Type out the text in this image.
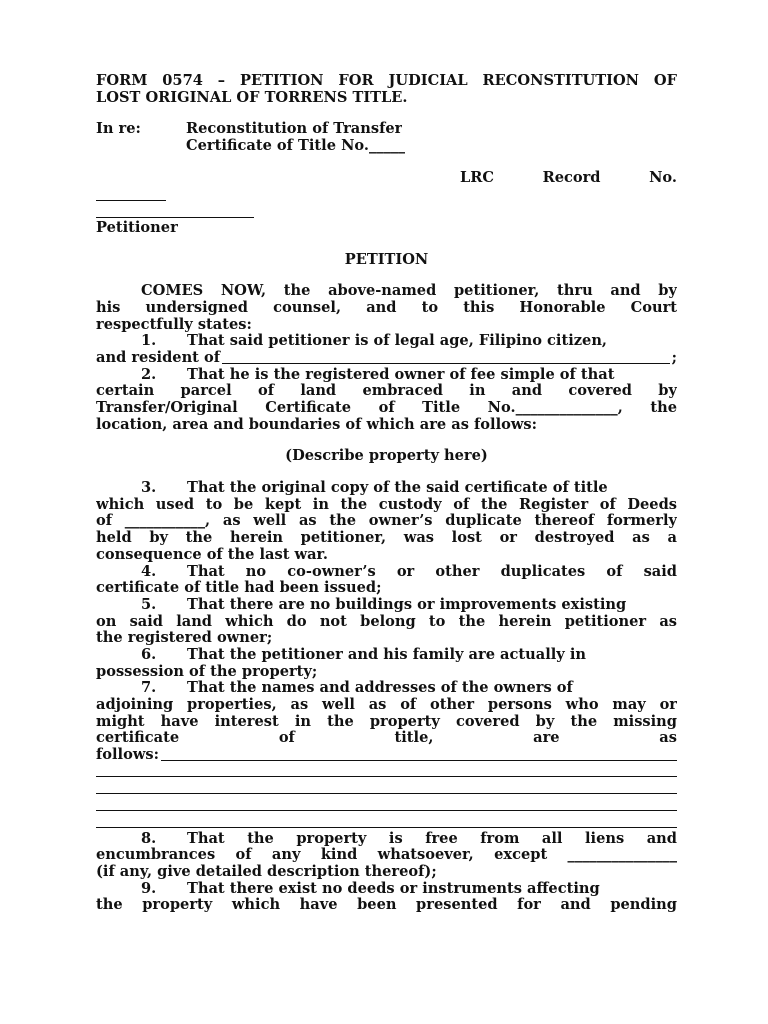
FORM 0574 – PETITION FOR JUDICIAL RECONSTITUTION OF
LOST ORIGINAL OF TORRENS TITLE.
In re:	Reconstitution of Transfer
Certificate of Title No._____
LRC	Record	No.
Petitioner
PETITION
COMES NOW, the above-named petitioner, thru and by
his undersigned counsel, and to this Honorable Court
respectfully states:
1. That said petitioner is of legal age, Filipino citizen,
and resident of	;
2. That he is the registered owner of fee simple of that
certain parcel of land embraced in and covered by
Transfer/Original Certificate of Title No.______________, the
location, area and boundaries of which are as follows:
(Describe property here)
3. That the original copy of the said certificate of title
which used to be kept in the custody of the Register of Deeds
of ___________, as well as the owner’s duplicate thereof formerly
held by the herein petitioner, was lost or destroyed as a
consequence of the last war.
4. That no co-owner’s or other duplicates of said
certificate of title had been issued;
5. That there are no buildings or improvements existing
on said land which do not belong to the herein petitioner as
the registered owner;
6. That the petitioner and his family are actually in
possession of the property;
7. That the names and addresses of the owners of
adjoining properties, as well as of other persons who may or
might have interest in the property covered by the missing
certificate	of	title,	are	as
follows:
8. That the property is free from all liens and
encumbrances of any kind whatsoever, except _______________
(if any, give detailed description thereof);
9. That there exist no deeds or instruments affecting
the property which have been presented for and pending
